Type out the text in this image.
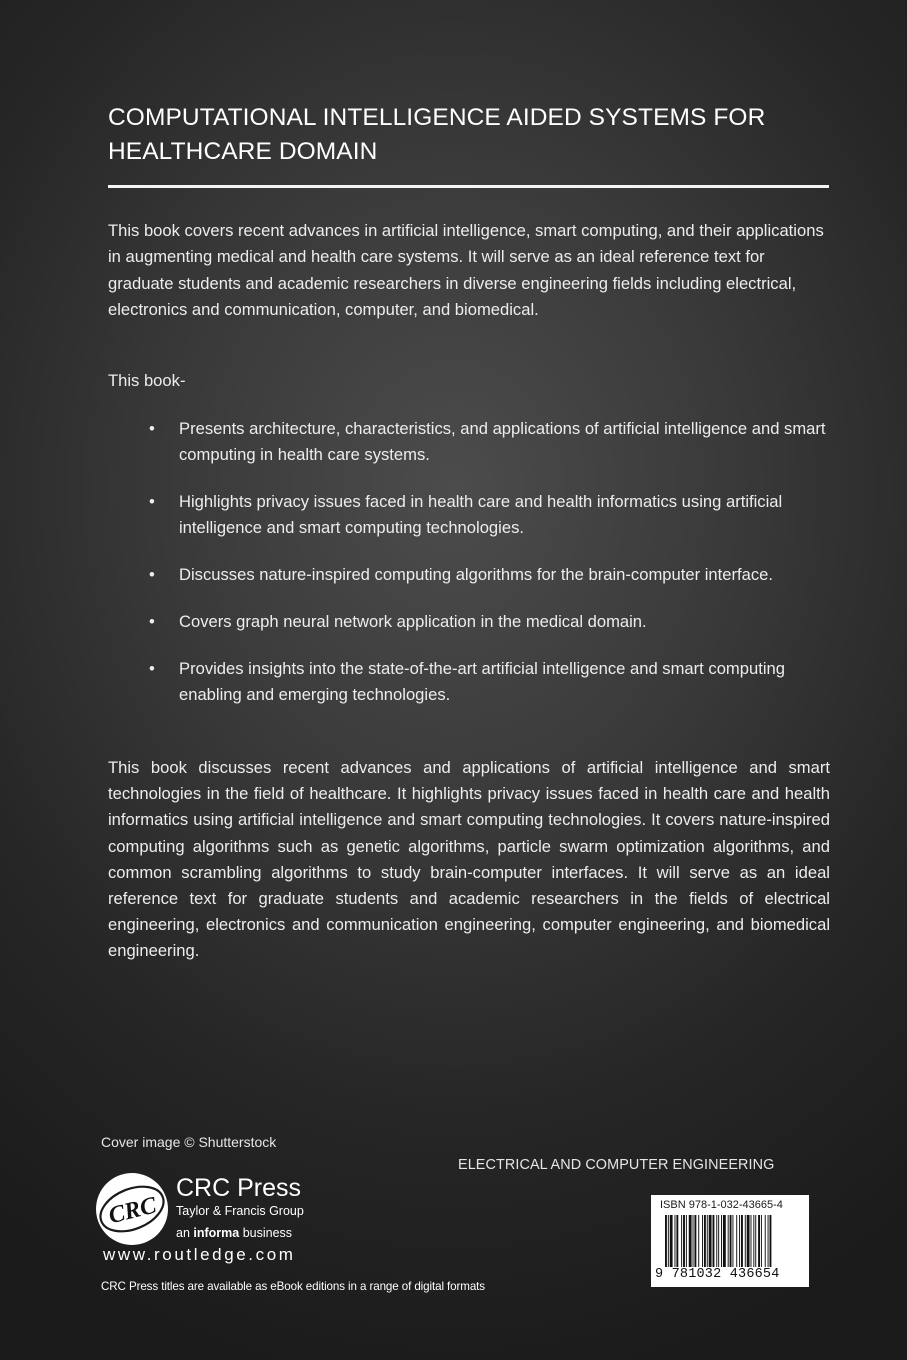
COMPUTATIONAL INTELLIGENCE AIDED SYSTEMS FOR HEALTHCARE DOMAIN

This book covers recent advances in artificial intelligence, smart computing, and their applications in augmenting medical and health care systems. It will serve as an ideal reference text for graduate students and academic researchers in diverse engineering fields including electrical, electronics and communication, computer, and biomedical.

This book-

• Presents architecture, characteristics, and applications of artificial intelligence and smart computing in health care systems.
• Highlights privacy issues faced in health care and health informatics using artificial intelligence and smart computing technologies.
• Discusses nature-inspired computing algorithms for the brain-computer interface.
• Covers graph neural network application in the medical domain.
• Provides insights into the state-of-the-art artificial intelligence and smart computing enabling and emerging technologies.

This book discusses recent advances and applications of artificial intelligence and smart technologies in the field of healthcare. It highlights privacy issues faced in health care and health informatics using artificial intelligence and smart computing technologies. It covers nature-inspired computing algorithms such as genetic algorithms, particle swarm optimization algorithms, and common scrambling algorithms to study brain-computer interfaces. It will serve as an ideal reference text for graduate students and academic researchers in the fields of electrical engineering, electronics and communication engineering, computer engineering, and biomedical engineering.

Cover image © Shutterstock
ELECTRICAL AND COMPUTER ENGINEERING
CRC
CRC Press
Taylor & Francis Group
an informa business
www.routledge.com
CRC Press titles are available as eBook editions in a range of digital formats
ISBN 978-1-032-43665-4
9 781032 436654
